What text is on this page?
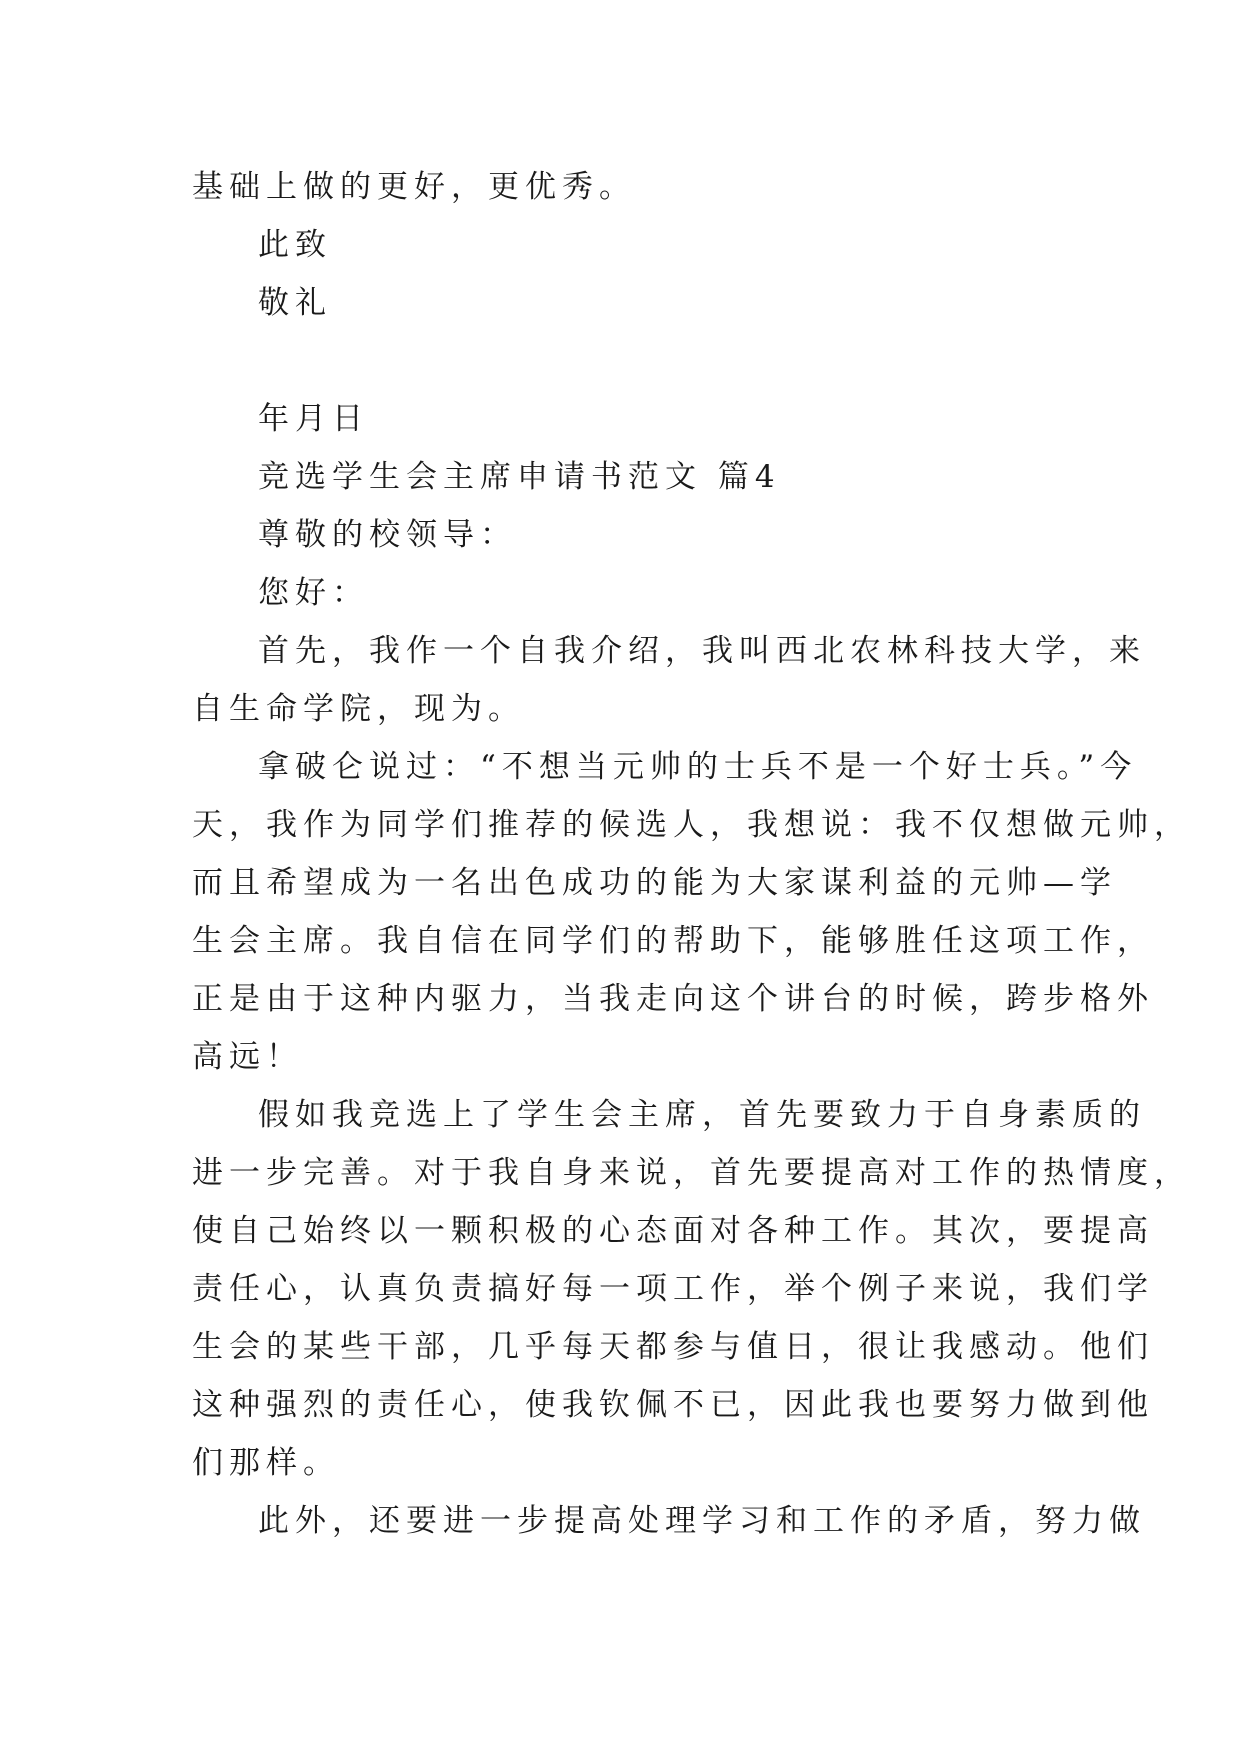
基础上做的更好，更优秀。
此致
敬礼
年月日
竞选学生会主席申请书范文 篇4
尊敬的校领导：
您好：
首先，我作一个自我介绍，我叫西北农林科技大学，来
自生命学院，现为。
拿破仑说过：“不想当元帅的士兵不是一个好士兵。”今
天，我作为同学们推荐的候选人，我想说：我不仅想做元帅，
而且希望成为一名出色成功的能为大家谋利益的元帅—学
生会主席。我自信在同学们的帮助下，能够胜任这项工作，
正是由于这种内驱力，当我走向这个讲台的时候，跨步格外
高远！
假如我竞选上了学生会主席，首先要致力于自身素质的
进一步完善。对于我自身来说，首先要提高对工作的热情度，
使自己始终以一颗积极的心态面对各种工作。其次，要提高
责任心，认真负责搞好每一项工作，举个例子来说，我们学
生会的某些干部，几乎每天都参与值日，很让我感动。他们
这种强烈的责任心，使我钦佩不已，因此我也要努力做到他
们那样。
此外，还要进一步提高处理学习和工作的矛盾，努力做
